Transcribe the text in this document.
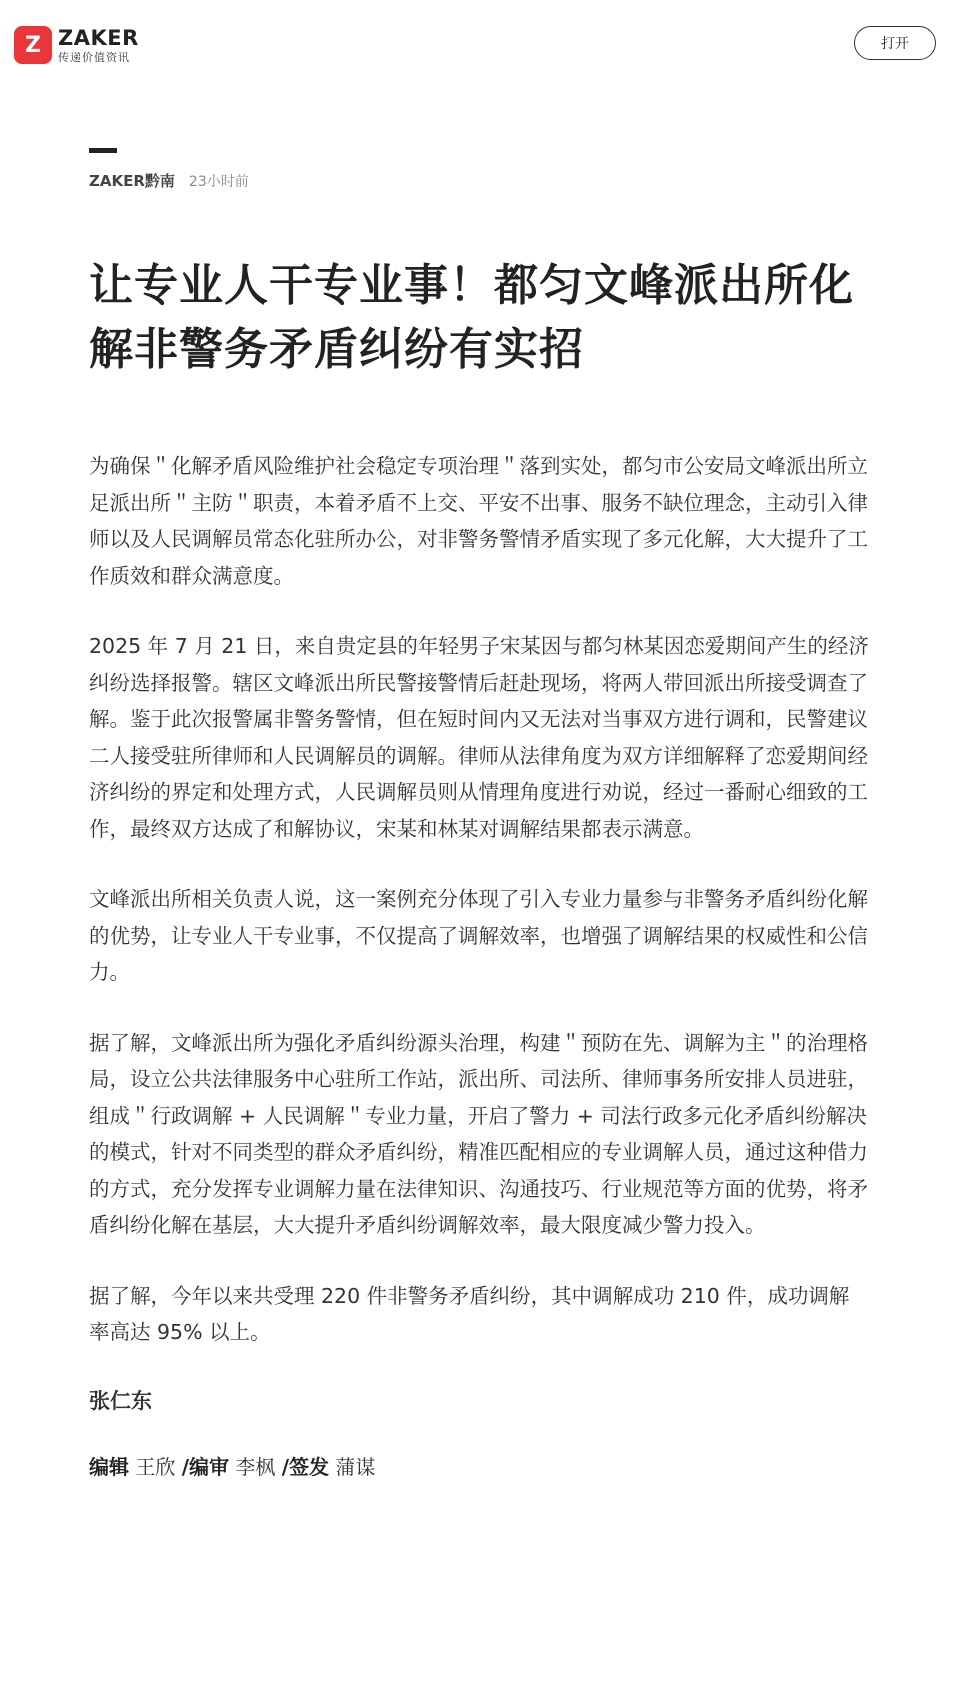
Z ZAKER
传递价值资讯
打开
ZAKER黔南 23小时前
让专业人干专业事！都匀文峰派出所化解非警务矛盾纠纷有实招

为确保＂化解矛盾风险维护社会稳定专项治理＂落到实处，都匀市公安局文峰派出所立足派出所＂主防＂职责，本着矛盾不上交、平安不出事、服务不缺位理念，主动引入律师以及人民调解员常态化驻所办公，对非警务警情矛盾实现了多元化解，大大提升了工作质效和群众满意度。

2025 年 7 月 21 日，来自贵定县的年轻男子宋某因与都匀林某因恋爱期间产生的经济纠纷选择报警。辖区文峰派出所民警接警情后赶赴现场，将两人带回派出所接受调查了解。鉴于此次报警属非警务警情，但在短时间内又无法对当事双方进行调和，民警建议二人接受驻所律师和人民调解员的调解。律师从法律角度为双方详细解释了恋爱期间经济纠纷的界定和处理方式，人民调解员则从情理角度进行劝说，经过一番耐心细致的工作，最终双方达成了和解协议，宋某和林某对调解结果都表示满意。

文峰派出所相关负责人说，这一案例充分体现了引入专业力量参与非警务矛盾纠纷化解的优势，让专业人干专业事，不仅提高了调解效率，也增强了调解结果的权威性和公信力。

据了解，文峰派出所为强化矛盾纠纷源头治理，构建＂预防在先、调解为主＂的治理格局，设立公共法律服务中心驻所工作站，派出所、司法所、律师事务所安排人员进驻，组成＂行政调解 + 人民调解＂专业力量，开启了警力 + 司法行政多元化矛盾纠纷解决的模式，针对不同类型的群众矛盾纠纷，精准匹配相应的专业调解人员，通过这种借力的方式，充分发挥专业调解力量在法律知识、沟通技巧、行业规范等方面的优势，将矛盾纠纷化解在基层，大大提升矛盾纠纷调解效率，最大限度减少警力投入。

据了解，今年以来共受理 220 件非警务矛盾纠纷，其中调解成功 210 件，成功调解率高达 95% 以上。

张仁东
编辑 王欣 /编审 李枫 /签发 蒲谋
